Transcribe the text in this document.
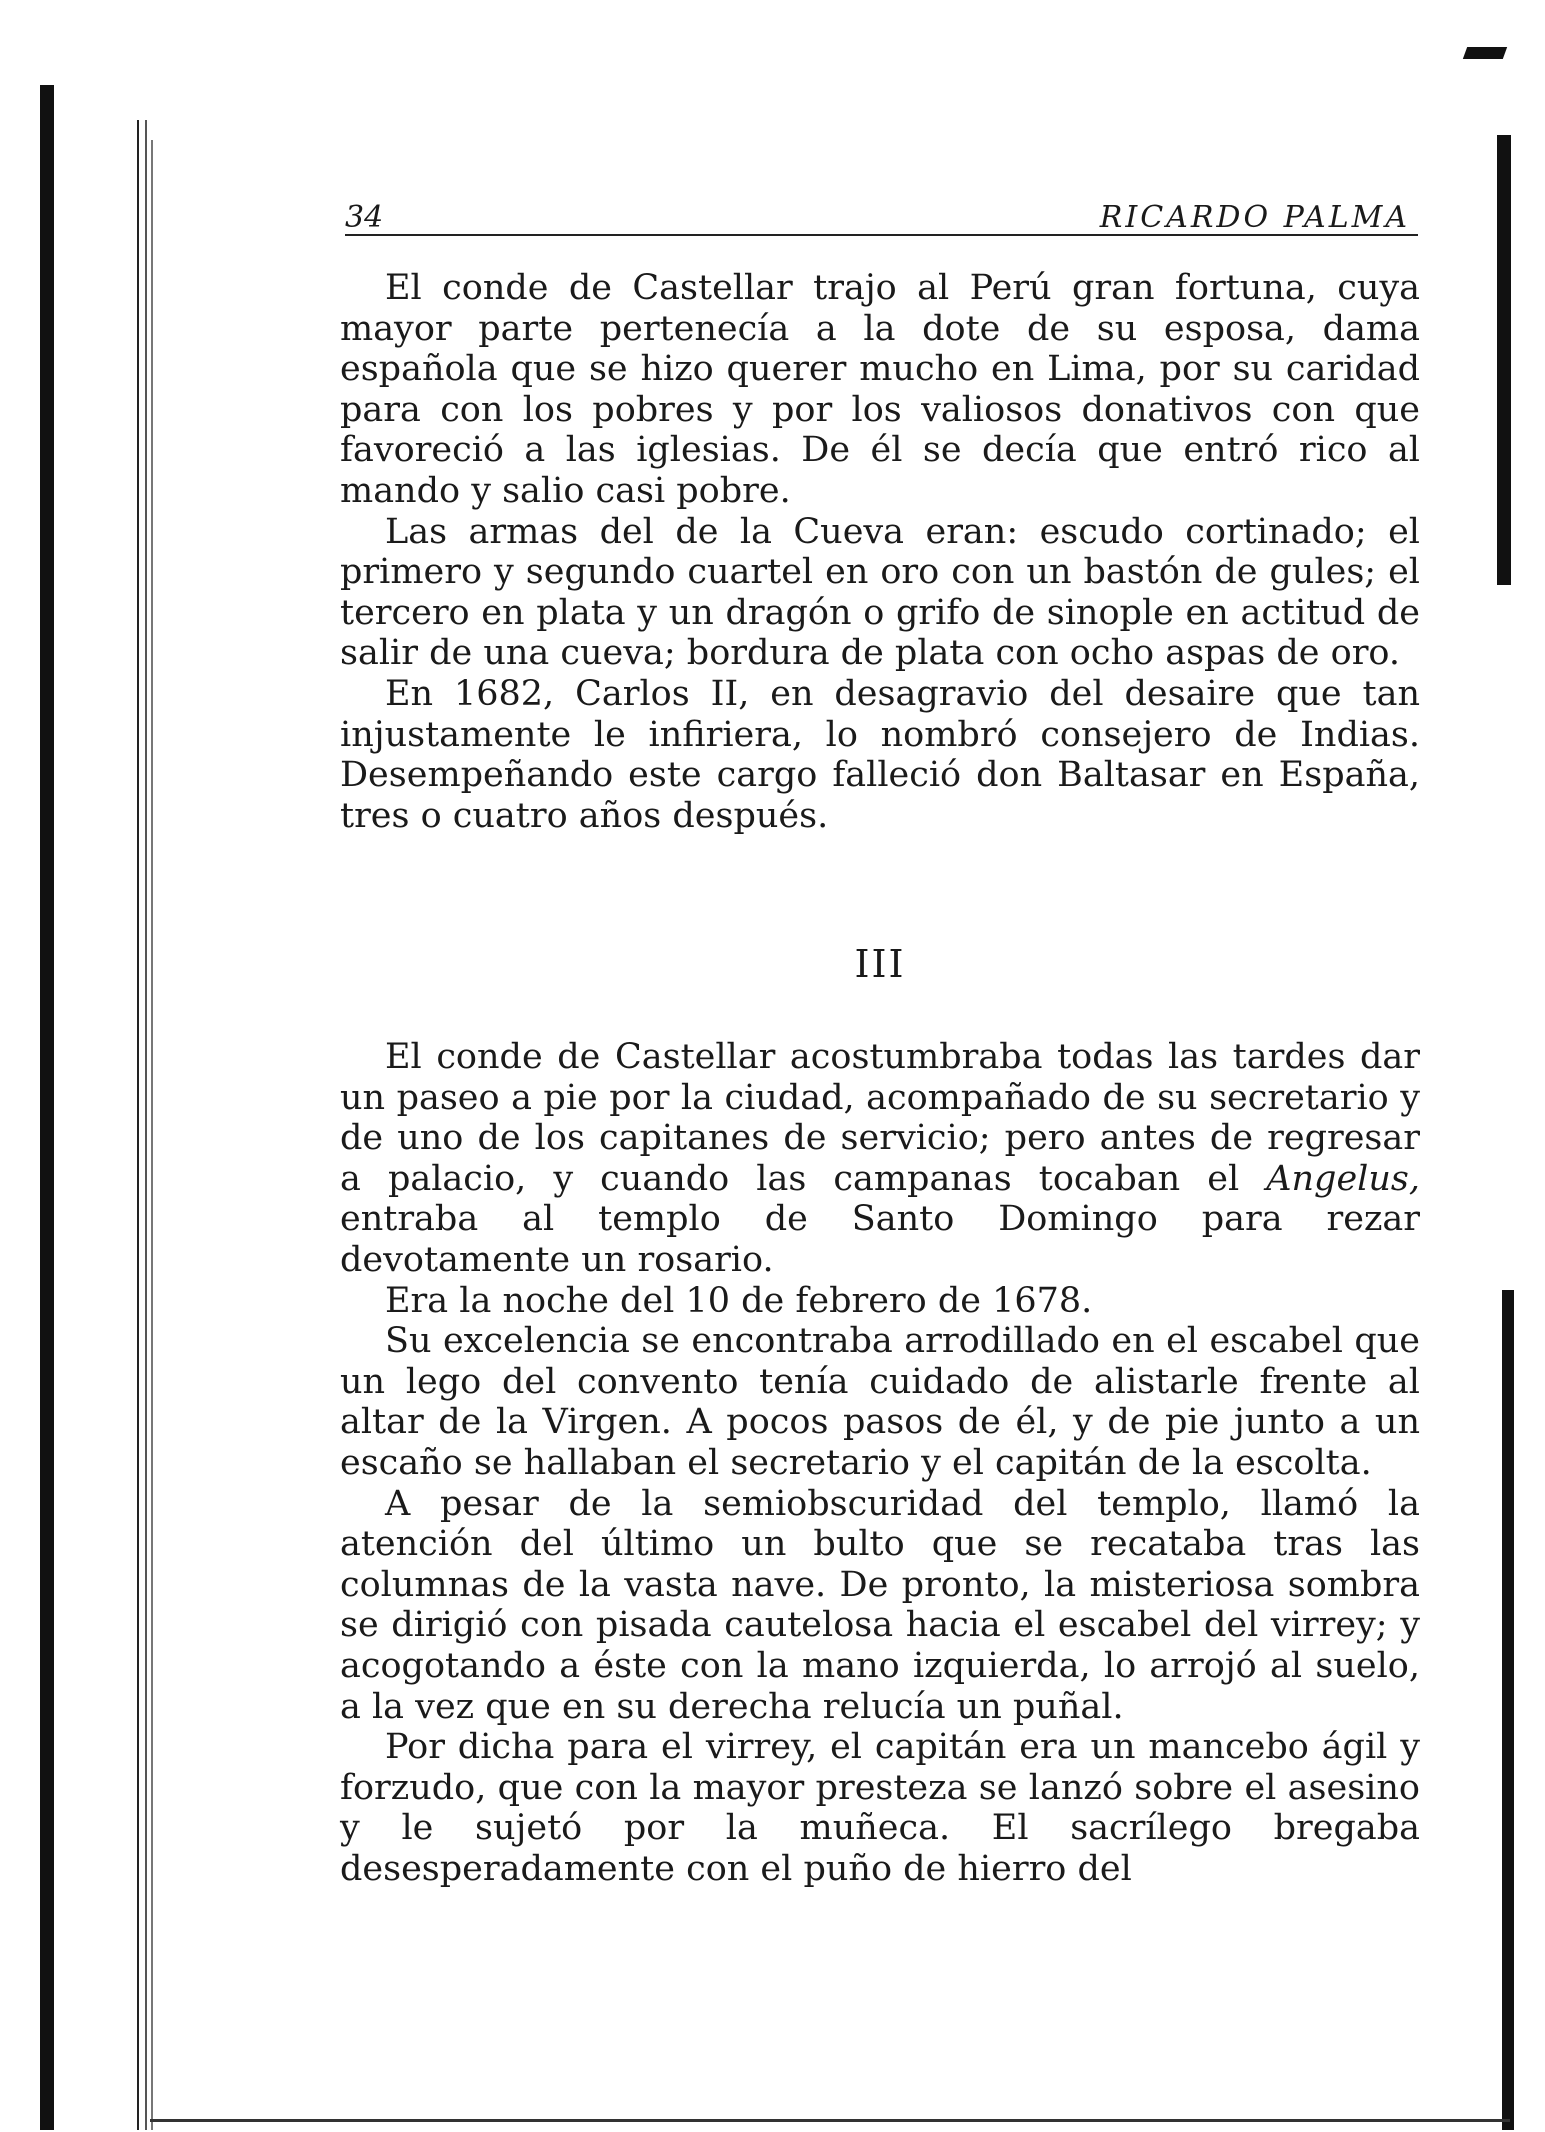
34	RICARDO PALMA

El conde de Castellar trajo al Perú gran fortuna, cuya mayor parte pertenecía a la dote de su esposa, dama española que se hizo querer mucho en Lima, por su caridad para con los pobres y por los valiosos donativos con que favoreció a las iglesias. De él se decía que entró rico al mando y salio casi pobre.

Las armas del de la Cueva eran: escudo cortinado; el primero y segundo cuartel en oro con un bastón de gules; el tercero en plata y un dragón o grifo de sinople en actitud de salir de una cueva; bordura de plata con ocho aspas de oro.

En 1682, Carlos II, en desagravio del desaire que tan injustamente le infiriera, lo nombró consejero de Indias. Desempeñando este cargo falleció don Baltasar en España, tres o cuatro años después.

III

El conde de Castellar acostumbraba todas las tardes dar un paseo a pie por la ciudad, acompañado de su secretario y de uno de los capitanes de servicio; pero antes de regresar a palacio, y cuando las campanas tocaban el Angelus, entraba al templo de Santo Domingo para rezar devotamente un rosario.

Era la noche del 10 de febrero de 1678.

Su excelencia se encontraba arrodillado en el escabel que un lego del convento tenía cuidado de alistarle frente al altar de la Virgen. A pocos pasos de él, y de pie junto a un escaño se hallaban el secretario y el capitán de la escolta.

A pesar de la semiobscuridad del templo, llamó la atención del último un bulto que se recataba tras las columnas de la vasta nave. De pronto, la misteriosa sombra se dirigió con pisada cautelosa hacia el escabel del virrey; y acogotando a éste con la mano izquierda, lo arrojó al suelo, a la vez que en su derecha relucía un puñal.

Por dicha para el virrey, el capitán era un mancebo ágil y forzudo, que con la mayor presteza se lanzó sobre el asesino y le sujetó por la muñeca. El sacrílego bregaba desesperadamente con el puño de hierro del
